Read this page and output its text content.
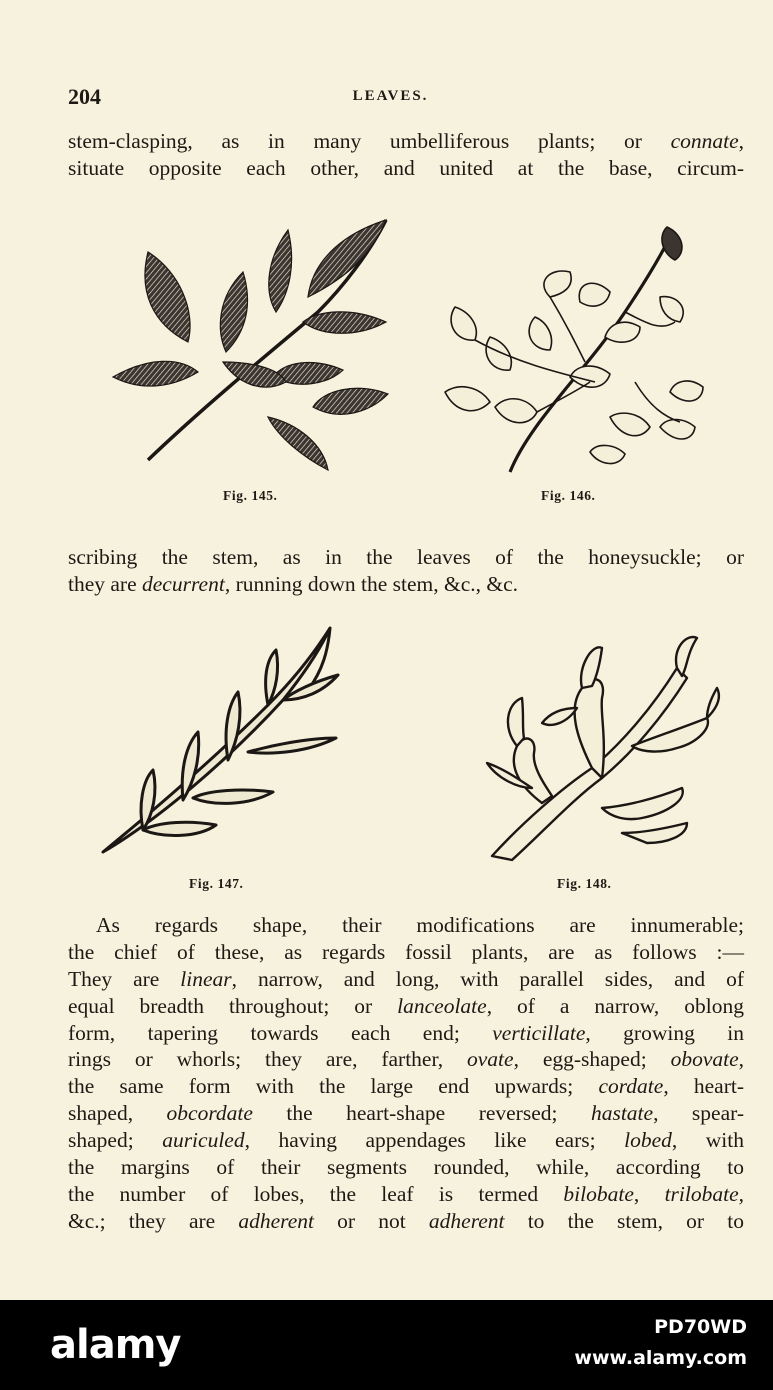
204	LEAVES.
stem-clasping, as in many umbelliferous plants; or connate,
situate opposite each other, and united at the base, circum-
Fig. 145.	Fig. 146.
scribing the stem, as in the leaves of the honeysuckle; or
they are decurrent, running down the stem, &c., &c.
Fig. 147.	Fig. 148.
As regards shape, their modifications are innumerable;
the chief of these, as regards fossil plants, are as follows :—
They are linear, narrow, and long, with parallel sides, and of
equal breadth throughout; or lanceolate, of a narrow, oblong
form, tapering towards each end; verticillate, growing in
rings or whorls; they are, farther, ovate, egg-shaped; obovate,
the same form with the large end upwards; cordate, heart-
shaped, obcordate the heart-shape reversed; hastate, spear-
shaped; auriculed, having appendages like ears; lobed, with
the margins of their segments rounded, while, according to
the number of lobes, the leaf is termed bilobate, trilobate,
&c.; they are adherent or not adherent to the stem, or to
alamy	PD70WD
www.alamy.com
